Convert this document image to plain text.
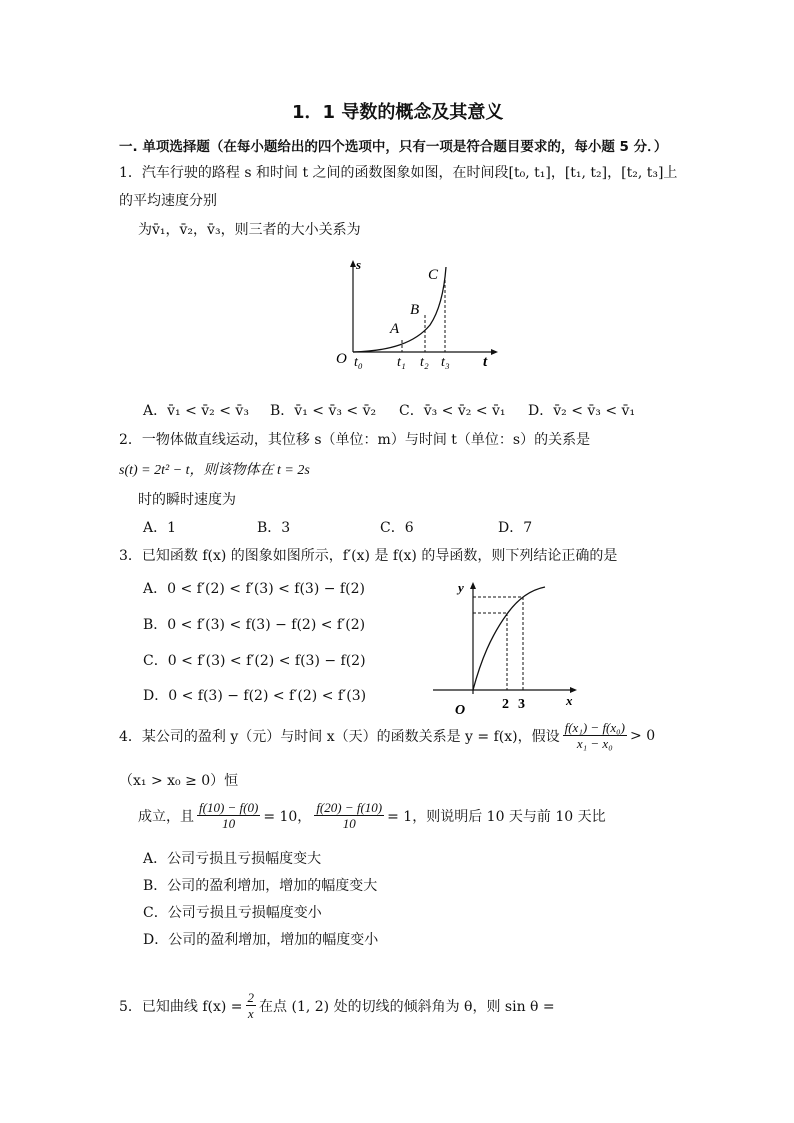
1．1 导数的概念及其意义
一. 单项选择题（在每小题给出的四个选项中，只有一项是符合题目要求的，每小题 5 分．）
1．汽车行驶的路程 s 和时间 t 之间的函数图象如图，在时间段[t₀, t₁]，[t₁, t₂]，[t₂, t₃]上
的平均速度分别
为v̄₁，v̄₂，v̄₃，则三者的大小关系为
s
t
O t₀ t₁ t₂ t₃
A
B
C
A．v̄₁ < v̄₂ < v̄₃ B．v̄₁ < v̄₃ < v̄₂ C．v̄₃ < v̄₂ < v̄₁ D．v̄₂ < v̄₃ < v̄₁
2．一物体做直线运动，其位移 s（单位：m）与时间 t（单位：s）的关系是
s(t) = 2t² − t，则该物体在 t = 2s
时的瞬时速度为
A．1	B．3	C．6	D．7
3．已知函数 f(x) 的图象如图所示，f′(x) 是 f(x) 的导函数，则下列结论正确的是
A．0 < f′(2) < f′(3) < f(3) − f(2)
B．0 < f′(3) < f(3) − f(2) < f′(2)
C．0 < f′(3) < f′(2) < f(3) − f(2)
D．0 < f(3) − f(2) < f′(2) < f′(3)
y
x
O	2 3
4．某公司的盈利 y（元）与时间 x（天）的函数关系是 y = f(x)，假设 $\frac{\text{f(x₁) − f(x₀)}}{\text{x₁ − x₀}} > 0$
（x₁ > x₀ ≥ 0）恒
成立，且 $\frac{f(10) - f(0)}{10} = 10$， $\frac{f(20) - f(10)}{10} = 1$，则说明后 10 天与前 10 天比
A．公司亏损且亏损幅度变大
B．公司的盈利增加，增加的幅度变大
C．公司亏损且亏损幅度变小
D．公司的盈利增加，增加的幅度变小
5．已知曲线 $f(x) = \frac{2}{x}$ 在点 (1, 2) 处的切线的倾斜角为 θ，则 sin θ =
